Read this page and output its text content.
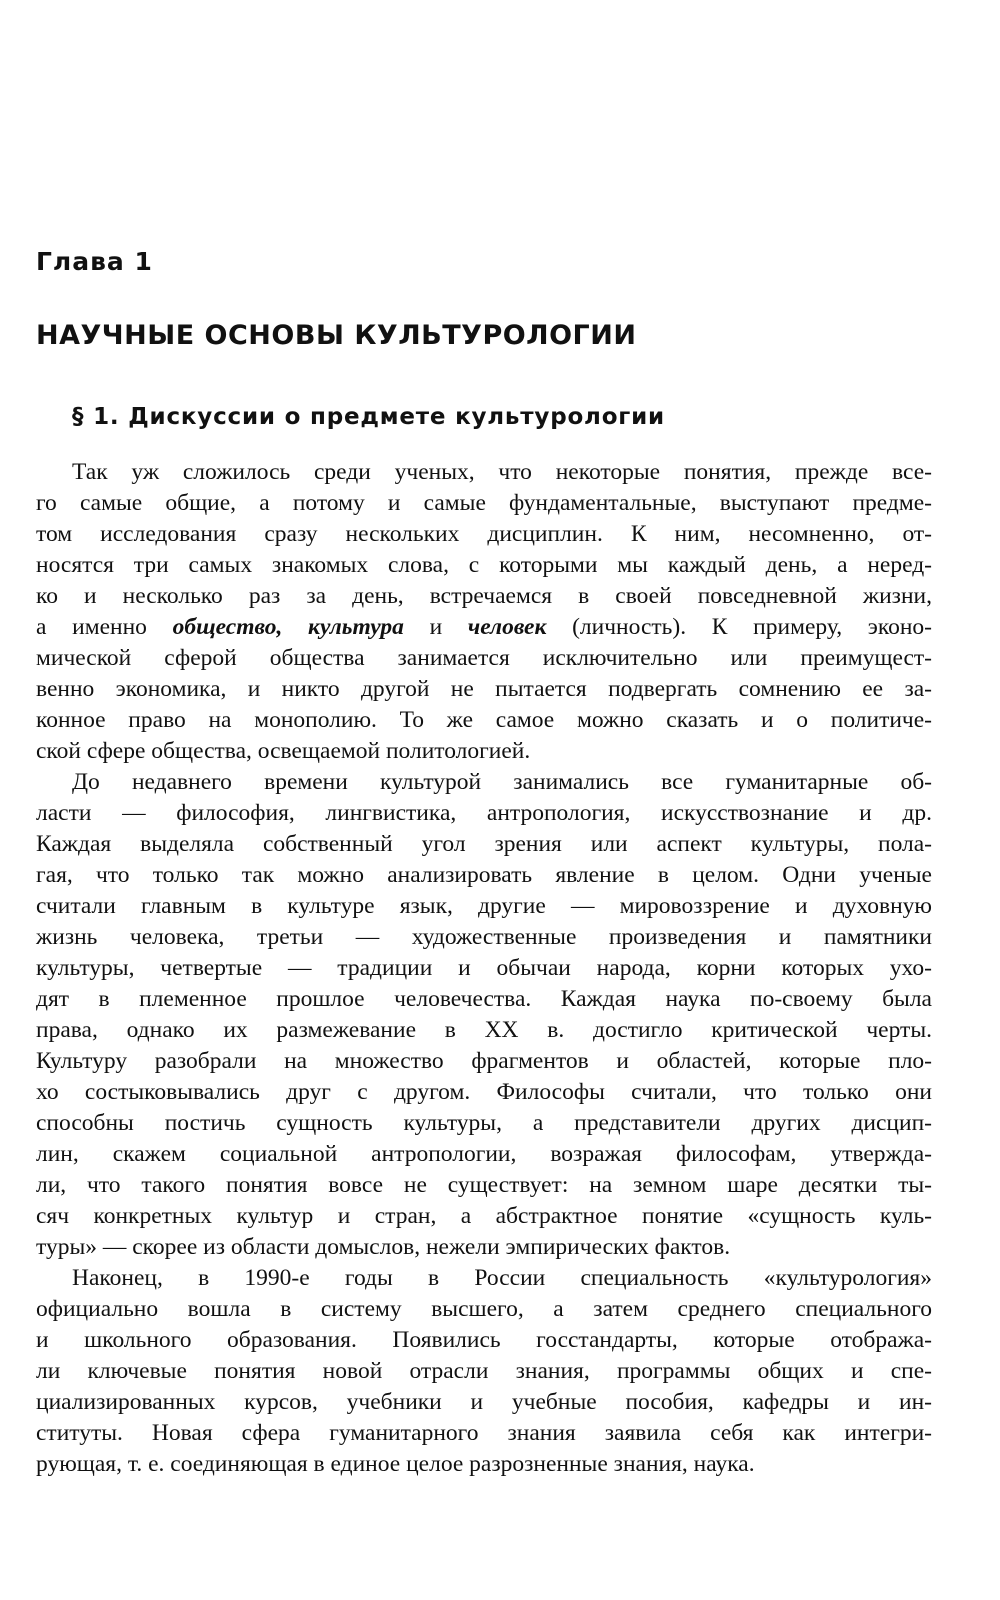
Глава 1
НАУЧНЫЕ ОСНОВЫ КУЛЬТУРОЛОГИИ
§ 1. Дискуссии о предмете культурологии

Так уж сложилось среди ученых, что некоторые понятия, прежде все-
го самые общие, а потому и самые фундаментальные, выступают предме-
том исследования сразу нескольких дисциплин. К ним, несомненно, от-
носятся три самых знакомых слова, с которыми мы каждый день, а неред-
ко и несколько раз за день, встречаемся в своей повседневной жизни,
а именно общество, культура и человек (личность). К примеру, эконо-
мической сферой общества занимается исключительно или преимущест-
венно экономика, и никто другой не пытается подвергать сомнению ее за-
конное право на монополию. То же самое можно сказать и о политиче-
ской сфере общества, освещаемой политологией.

До недавнего времени культурой занимались все гуманитарные об-
ласти — философия, лингвистика, антропология, искусствознание и др.
Каждая выделяла собственный угол зрения или аспект культуры, пола-
гая, что только так можно анализировать явление в целом. Одни ученые
считали главным в культуре язык, другие — мировоззрение и духовную
жизнь человека, третьи — художественные произведения и памятники
культуры, четвертые — традиции и обычаи народа, корни которых ухо-
дят в племенное прошлое человечества. Каждая наука по-своему была
права, однако их размежевание в XX в. достигло критической черты.
Культуру разобрали на множество фрагментов и областей, которые пло-
хо состыковывались друг с другом. Философы считали, что только они
способны постичь сущность культуры, а представители других дисцип-
лин, скажем социальной антропологии, возражая философам, утвержда-
ли, что такого понятия вовсе не существует: на земном шаре десятки ты-
сяч конкретных культур и стран, а абстрактное понятие «сущность куль-
туры» — скорее из области домыслов, нежели эмпирических фактов.

Наконец, в 1990-е годы в России специальность «культурология»
официально вошла в систему высшего, а затем среднего специального
и школьного образования. Появились госстандарты, которые отобража-
ли ключевые понятия новой отрасли знания, программы общих и спе-
циализированных курсов, учебники и учебные пособия, кафедры и ин-
ституты. Новая сфера гуманитарного знания заявила себя как интегри-
рующая, т. е. соединяющая в единое целое разрозненные знания, наука.
